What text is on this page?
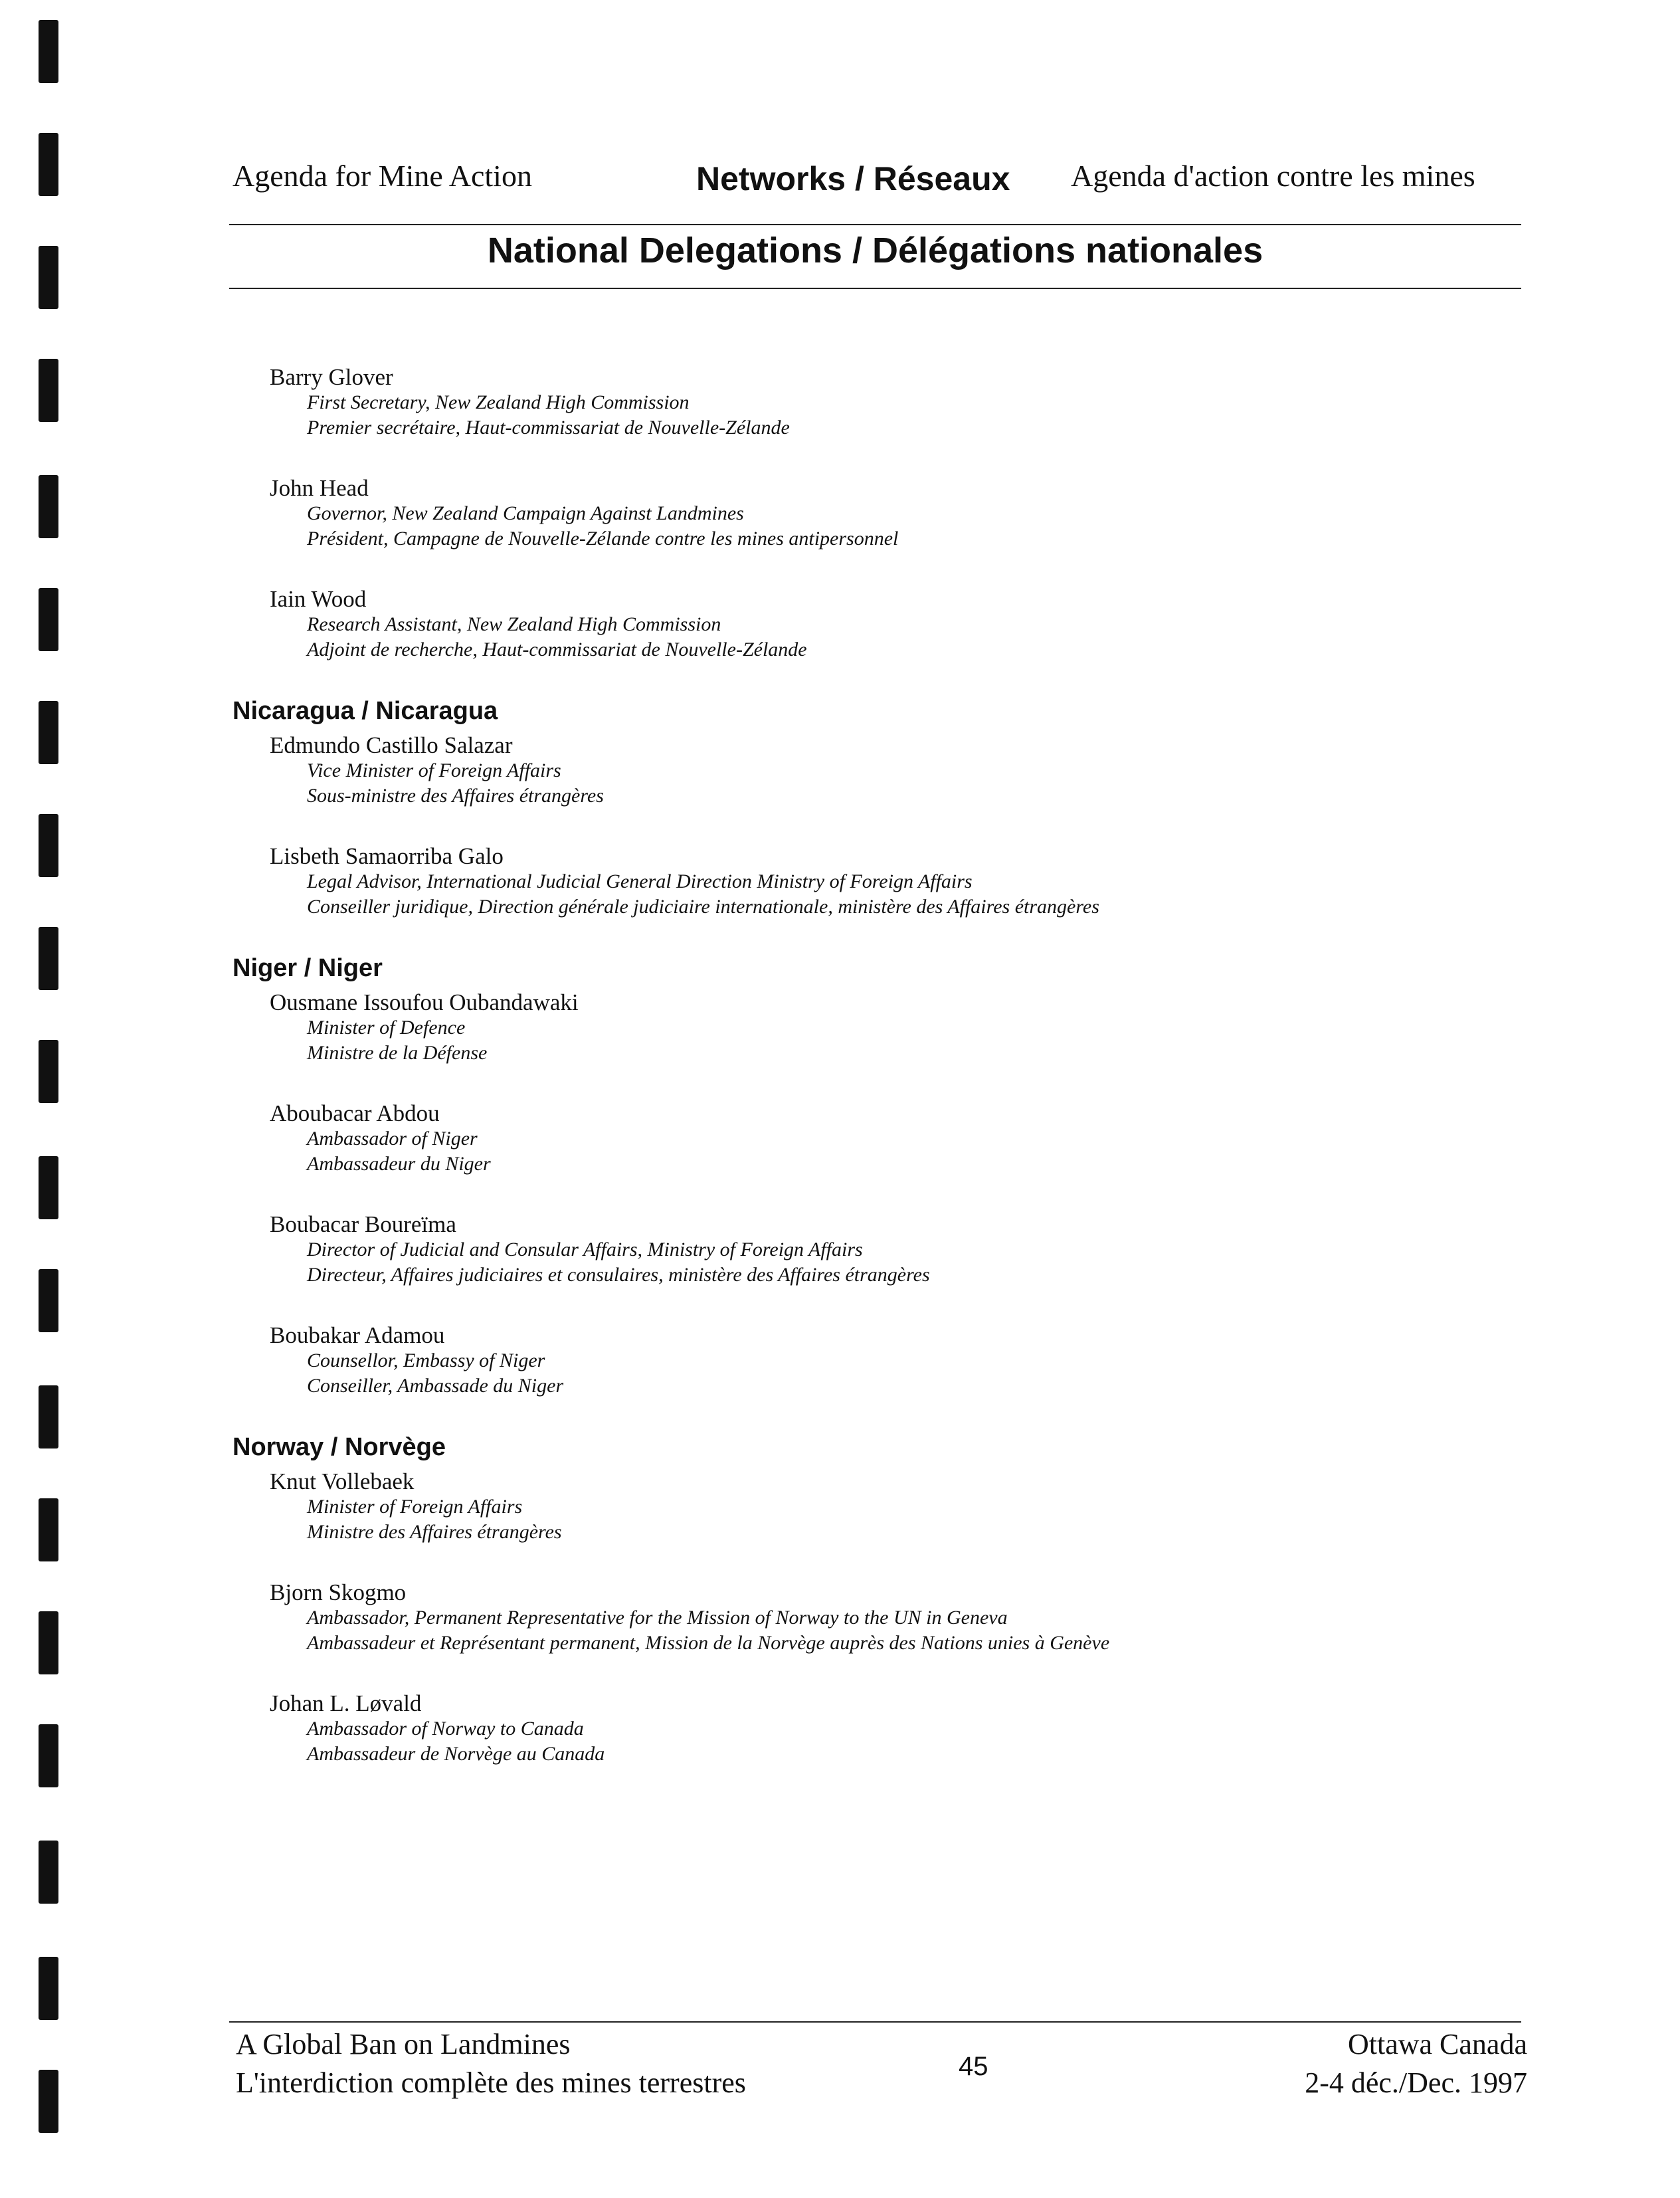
Agenda for Mine Action	Networks / Réseaux Agenda d'action contre les mines
National Delegations / Délégations nationales
Barry Glover
First Secretary, New Zealand High Commission
Premier secrétaire, Haut-commissariat de Nouvelle-Zélande
John Head
Governor, New Zealand Campaign Against Landmines
Président, Campagne de Nouvelle-Zélande contre les mines antipersonnel
Iain Wood
Research Assistant, New Zealand High Commission
Adjoint de recherche, Haut-commissariat de Nouvelle-Zélande
Nicaragua / Nicaragua
Edmundo Castillo Salazar
Vice Minister of Foreign Affairs
Sous-ministre des Affaires étrangères
Lisbeth Samaorriba Galo
Legal Advisor, International Judicial General Direction Ministry of Foreign Affairs
Conseiller juridique, Direction générale judiciaire internationale, ministère des Affaires étrangères
Niger / Niger
Ousmane Issoufou Oubandawaki
Minister of Defence
Ministre de la Défense
Aboubacar Abdou
Ambassador of Niger
Ambassadeur du Niger
Boubacar Boureïma
Director of Judicial and Consular Affairs, Ministry of Foreign Affairs
Directeur, Affaires judiciaires et consulaires, ministère des Affaires étrangères
Boubakar Adamou
Counsellor, Embassy of Niger
Conseiller, Ambassade du Niger
Norway / Norvège
Knut Vollebaek
Minister of Foreign Affairs
Ministre des Affaires étrangères
Bjorn Skogmo
Ambassador, Permanent Representative for the Mission of Norway to the UN in Geneva
Ambassadeur et Représentant permanent, Mission de la Norvège auprès des Nations unies à Genève
Johan L. Løvald
Ambassador of Norway to Canada
Ambassadeur de Norvège au Canada
A Global Ban on Landmines
L'interdiction complète des mines terrestres	45
Ottawa Canada
2-4 déc./Dec. 1997
